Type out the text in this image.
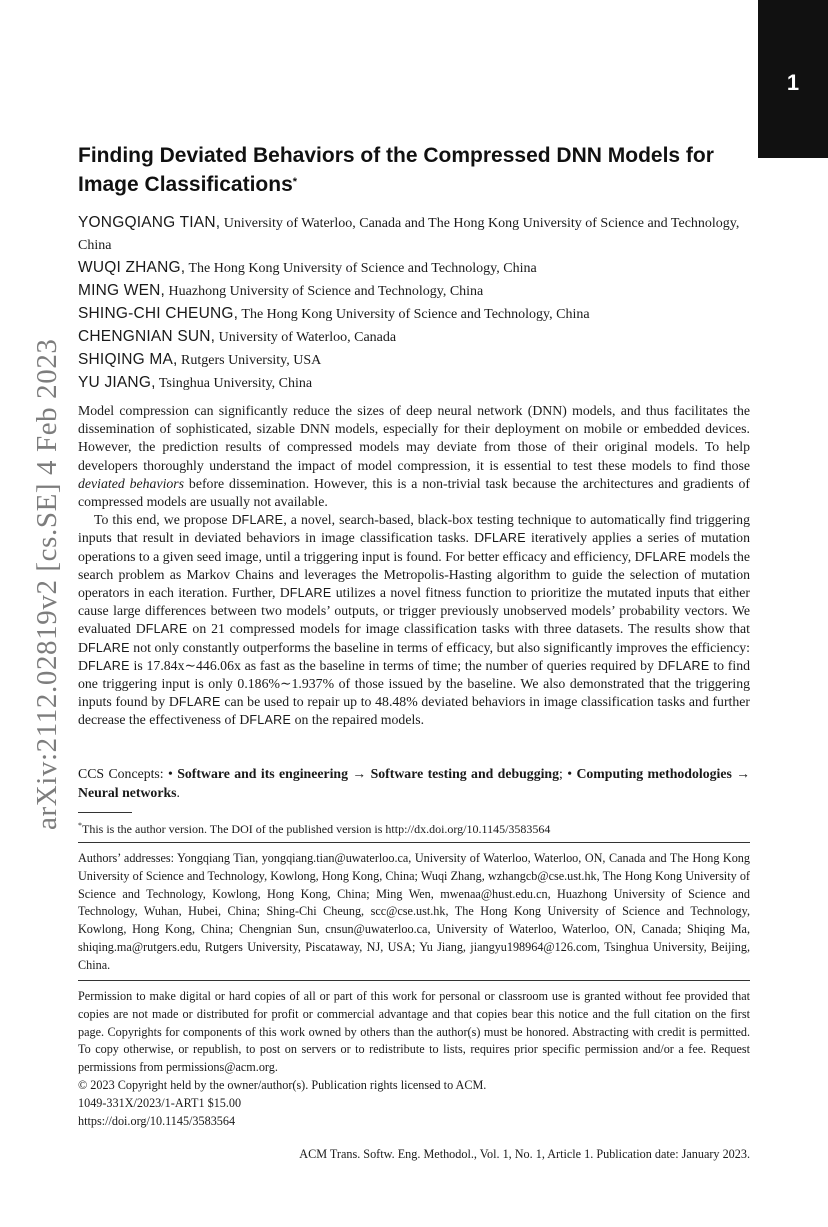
1
arXiv:2112.02819v2 [cs.SE] 4 Feb 2023
Finding Deviated Behaviors of the Compressed DNN Models for Image Classifications*
YONGQIANG TIAN, University of Waterloo, Canada and The Hong Kong University of Science and Technology, China
WUQI ZHANG, The Hong Kong University of Science and Technology, China
MING WEN, Huazhong University of Science and Technology, China
SHING-CHI CHEUNG, The Hong Kong University of Science and Technology, China
CHENGNIAN SUN, University of Waterloo, Canada
SHIQING MA, Rutgers University, USA
YU JIANG, Tsinghua University, China

Model compression can significantly reduce the sizes of deep neural network (DNN) models, and thus facilitates the dissemination of sophisticated, sizable DNN models, especially for their deployment on mobile or embedded devices. However, the prediction results of compressed models may deviate from those of their original models. To help developers thoroughly understand the impact of model compression, it is essential to test these models to find those deviated behaviors before dissemination. However, this is a non-trivial task because the architectures and gradients of compressed models are usually not available.

To this end, we propose DFLARE, a novel, search-based, black-box testing technique to automatically find triggering inputs that result in deviated behaviors in image classification tasks. DFLARE iteratively applies a series of mutation operations to a given seed image, until a triggering input is found. For better efficacy and efficiency, DFLARE models the search problem as Markov Chains and leverages the Metropolis-Hasting algorithm to guide the selection of mutation operators in each iteration. Further, DFLARE utilizes a novel fitness function to prioritize the mutated inputs that either cause large differences between two models’ outputs, or trigger previously unobserved models’ probability vectors. We evaluated DFLARE on 21 compressed models for image classification tasks with three datasets. The results show that DFLARE not only constantly outperforms the baseline in terms of efficacy, but also significantly improves the efficiency: DFLARE is 17.84x∼446.06x as fast as the baseline in terms of time; the number of queries required by DFLARE to find one triggering input is only 0.186%∼1.937% of those issued by the baseline. We also demonstrated that the triggering inputs found by DFLARE can be used to repair up to 48.48% deviated behaviors in image classification tasks and further decrease the effectiveness of DFLARE on the repaired models.

CCS Concepts: • Software and its engineering → Software testing and debugging; • Computing methodologies → Neural networks.
*This is the author version. The DOI of the published version is http://dx.doi.org/10.1145/3583564
Authors’ addresses: Yongqiang Tian, yongqiang.tian@uwaterloo.ca, University of Waterloo, Waterloo, ON, Canada and The Hong Kong University of Science and Technology, Kowlong, Hong Kong, China; Wuqi Zhang, wzhangcb@cse.ust.hk, The Hong Kong University of Science and Technology, Kowlong, Hong Kong, China; Ming Wen, mwenaa@hust.edu.cn, Huazhong University of Science and Technology, Wuhan, Hubei, China; Shing-Chi Cheung, scc@cse.ust.hk, The Hong Kong University of Science and Technology, Kowlong, Hong Kong, China; Chengnian Sun, cnsun@uwaterloo.ca, University of Waterloo, Waterloo, ON, Canada; Shiqing Ma, shiqing.ma@rutgers.edu, Rutgers University, Piscataway, NJ, USA; Yu Jiang, jiangyu198964@126.com, Tsinghua University, Beijing, China.
Permission to make digital or hard copies of all or part of this work for personal or classroom use is granted without fee provided that copies are not made or distributed for profit or commercial advantage and that copies bear this notice and the full citation on the first page. Copyrights for components of this work owned by others than the author(s) must be honored. Abstracting with credit is permitted. To copy otherwise, or republish, to post on servers or to redistribute to lists, requires prior specific permission and/or a fee. Request permissions from permissions@acm.org.
© 2023 Copyright held by the owner/author(s). Publication rights licensed to ACM.
1049-331X/2023/1-ART1 $15.00
https://doi.org/10.1145/3583564
ACM Trans. Softw. Eng. Methodol., Vol. 1, No. 1, Article 1. Publication date: January 2023.
